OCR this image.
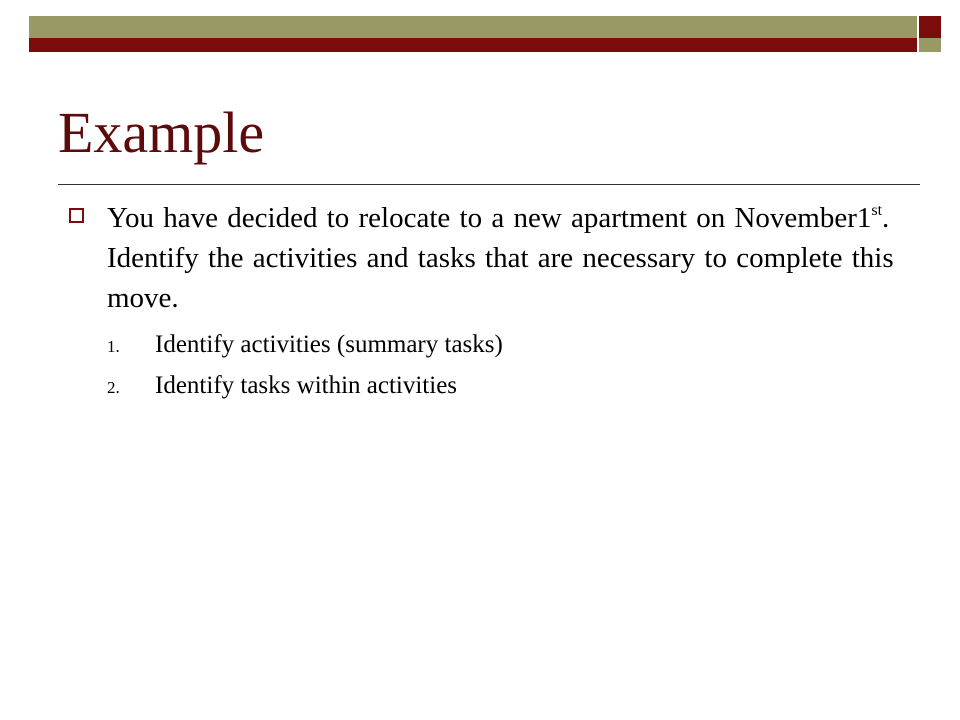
Example
You have decided to relocate to a new apartment on November1st. Identify the activities and tasks that are necessary to complete this move.
1. Identify activities (summary tasks)
2. Identify tasks within activities
